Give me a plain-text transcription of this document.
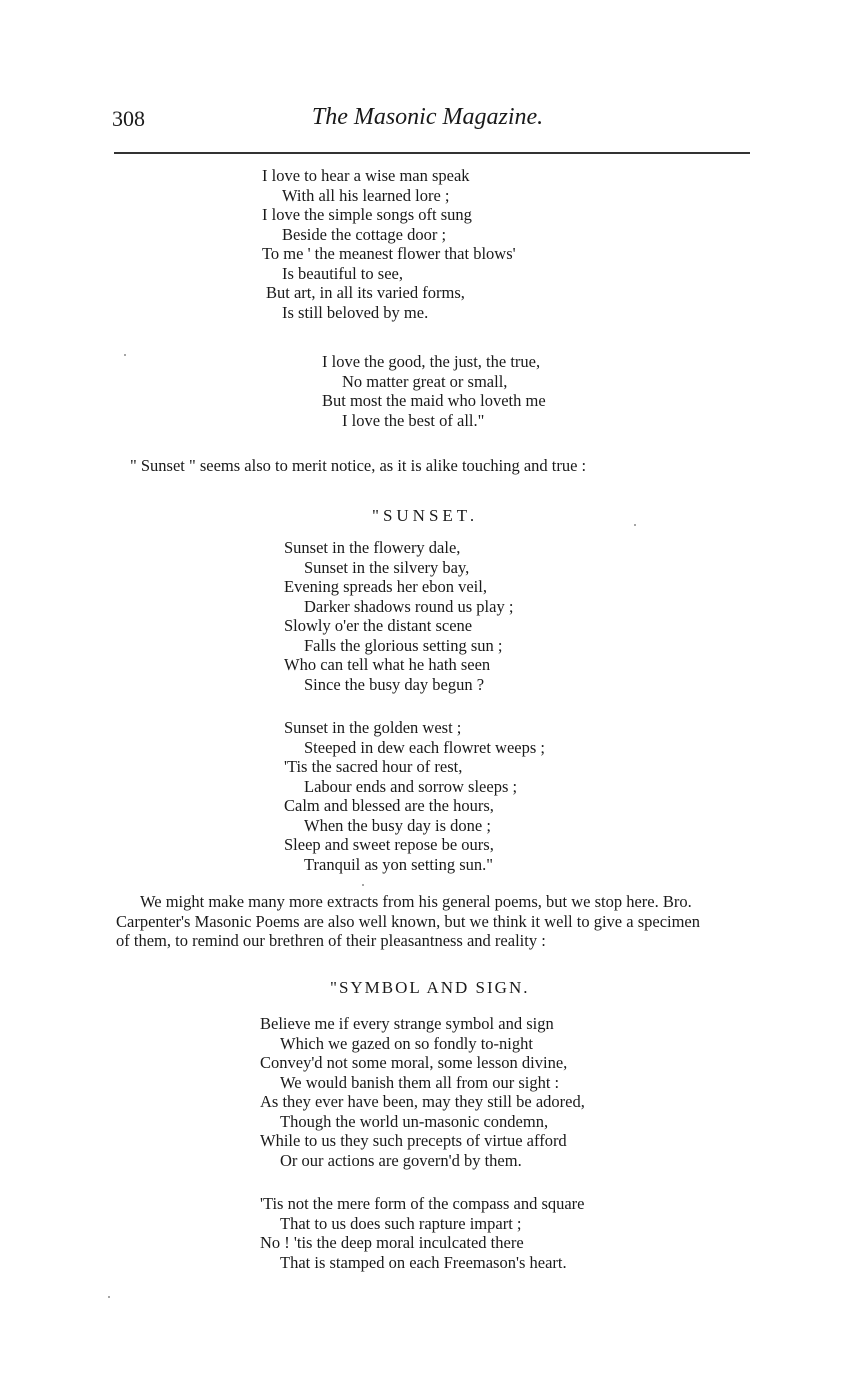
308	The Masonic Magazine.
I love to hear a wise man speak
With all his learned lore ;
I love the simple songs oft sung
Beside the cottage door ;
To me ' the meanest flower that blows'
Is beautiful to see,
But art, in all its varied forms,
Is still beloved by me.
I love the good, the just, the true,
No matter great or small,
But most the maid who loveth me
I love the best of all."
" Sunset " seems also to merit notice, as it is alike touching and true :
"SUNSET.
Sunset in the flowery dale,
Sunset in the silvery bay,
Evening spreads her ebon veil,
Darker shadows round us play ;
Slowly o'er the distant scene
Falls the glorious setting sun ;
Who can tell what he hath seen
Since the busy day begun ?
Sunset in the golden west ;
Steeped in dew each flowret weeps ;
'Tis the sacred hour of rest,
Labour ends and sorrow sleeps ;
Calm and blessed are the hours,
When the busy day is done ;
Sleep and sweet repose be ours,
Tranquil as yon setting sun."
We might make many more extracts from his general poems, but we stop here. Bro.
Carpenter's Masonic Poems are also well known, but we think it well to give a specimen
of them, to remind our brethren of their pleasantness and reality :
"SYMBOL AND SIGN.
Believe me if every strange symbol and sign
Which we gazed on so fondly to-night
Convey'd not some moral, some lesson divine,
We would banish them all from our sight :
As they ever have been, may they still be adored,
Though the world un-masonic condemn,
While to us they such precepts of virtue afford
Or our actions are govern'd by them.
'Tis not the mere form of the compass and square
That to us does such rapture impart ;
No ! 'tis the deep moral inculcated there
That is stamped on each Freemason's heart.
